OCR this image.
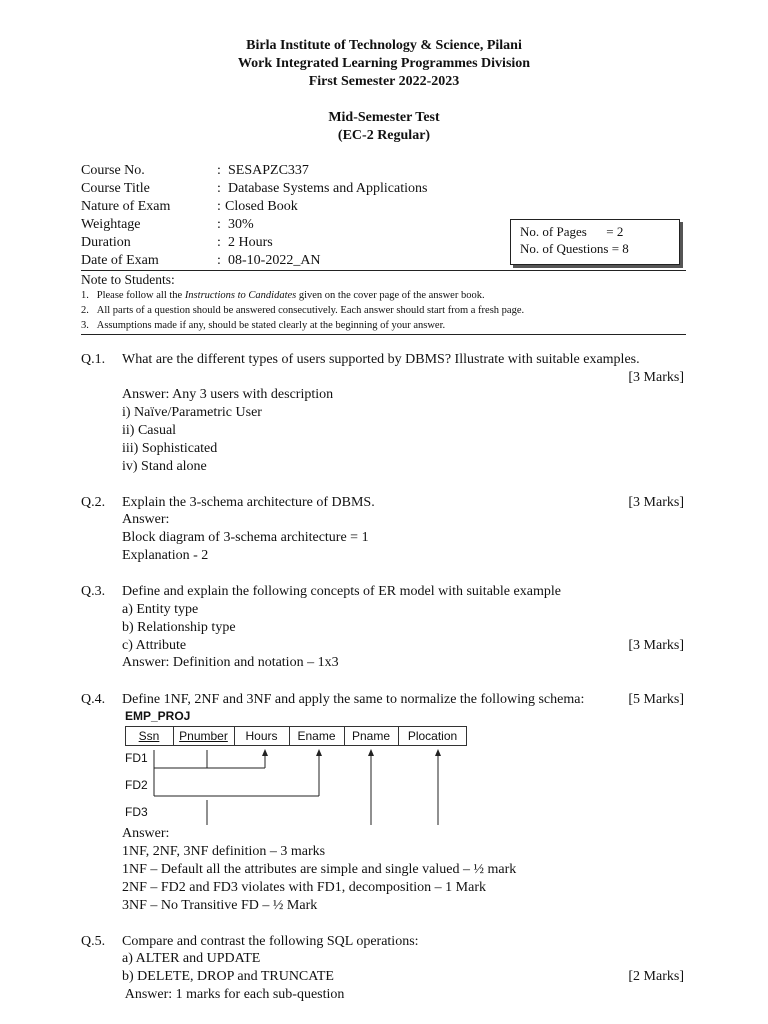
Birla Institute of Technology & Science, Pilani
Work Integrated Learning Programmes Division
First Semester 2022-2023
Mid-Semester Test
(EC-2 Regular)
Course No.	: SESAPZC337
Course Title	: Database Systems and Applications
Nature of Exam	: Closed Book
Weightage	: 30%
Duration	: 2 Hours
Date of Exam	: 08-10-2022_AN
No. of Pages      = 2
No. of Questions = 8
Note to Students:
1. Please follow all the Instructions to Candidates given on the cover page of the answer book.
2. All parts of a question should be answered consecutively. Each answer should start from a fresh page.
3. Assumptions made if any, should be stated clearly at the beginning of your answer.
Q.1. What are the different types of users supported by DBMS? Illustrate with suitable examples.
[3 Marks]
Answer: Any 3 users with description
i) Naïve/Parametric User
ii) Casual
iii) Sophisticated
iv) Stand alone
Q.2. Explain the 3-schema architecture of DBMS.	[3 Marks]
Answer:
Block diagram of 3-schema architecture = 1
Explanation - 2
Q.3. Define and explain the following concepts of ER model with suitable example
a) Entity type
b) Relationship type
c) Attribute	[3 Marks]
Answer: Definition and notation – 1x3
Q.4. Define 1NF, 2NF and 3NF and apply the same to normalize the following schema:	[5 Marks]
EMP_PROJ
Ssn	Pnumber	Hours	Ename	Pname	Plocation
FD1
FD2
FD3
Answer:
1NF, 2NF, 3NF definition – 3 marks
1NF – Default all the attributes are simple and single valued – ½ mark
2NF – FD2 and FD3 violates with FD1, decomposition – 1 Mark
3NF – No Transitive FD – ½ Mark
Q.5. Compare and contrast the following SQL operations:
a) ALTER and UPDATE
b) DELETE, DROP and TRUNCATE	[2 Marks]
Answer: 1 marks for each sub-question
